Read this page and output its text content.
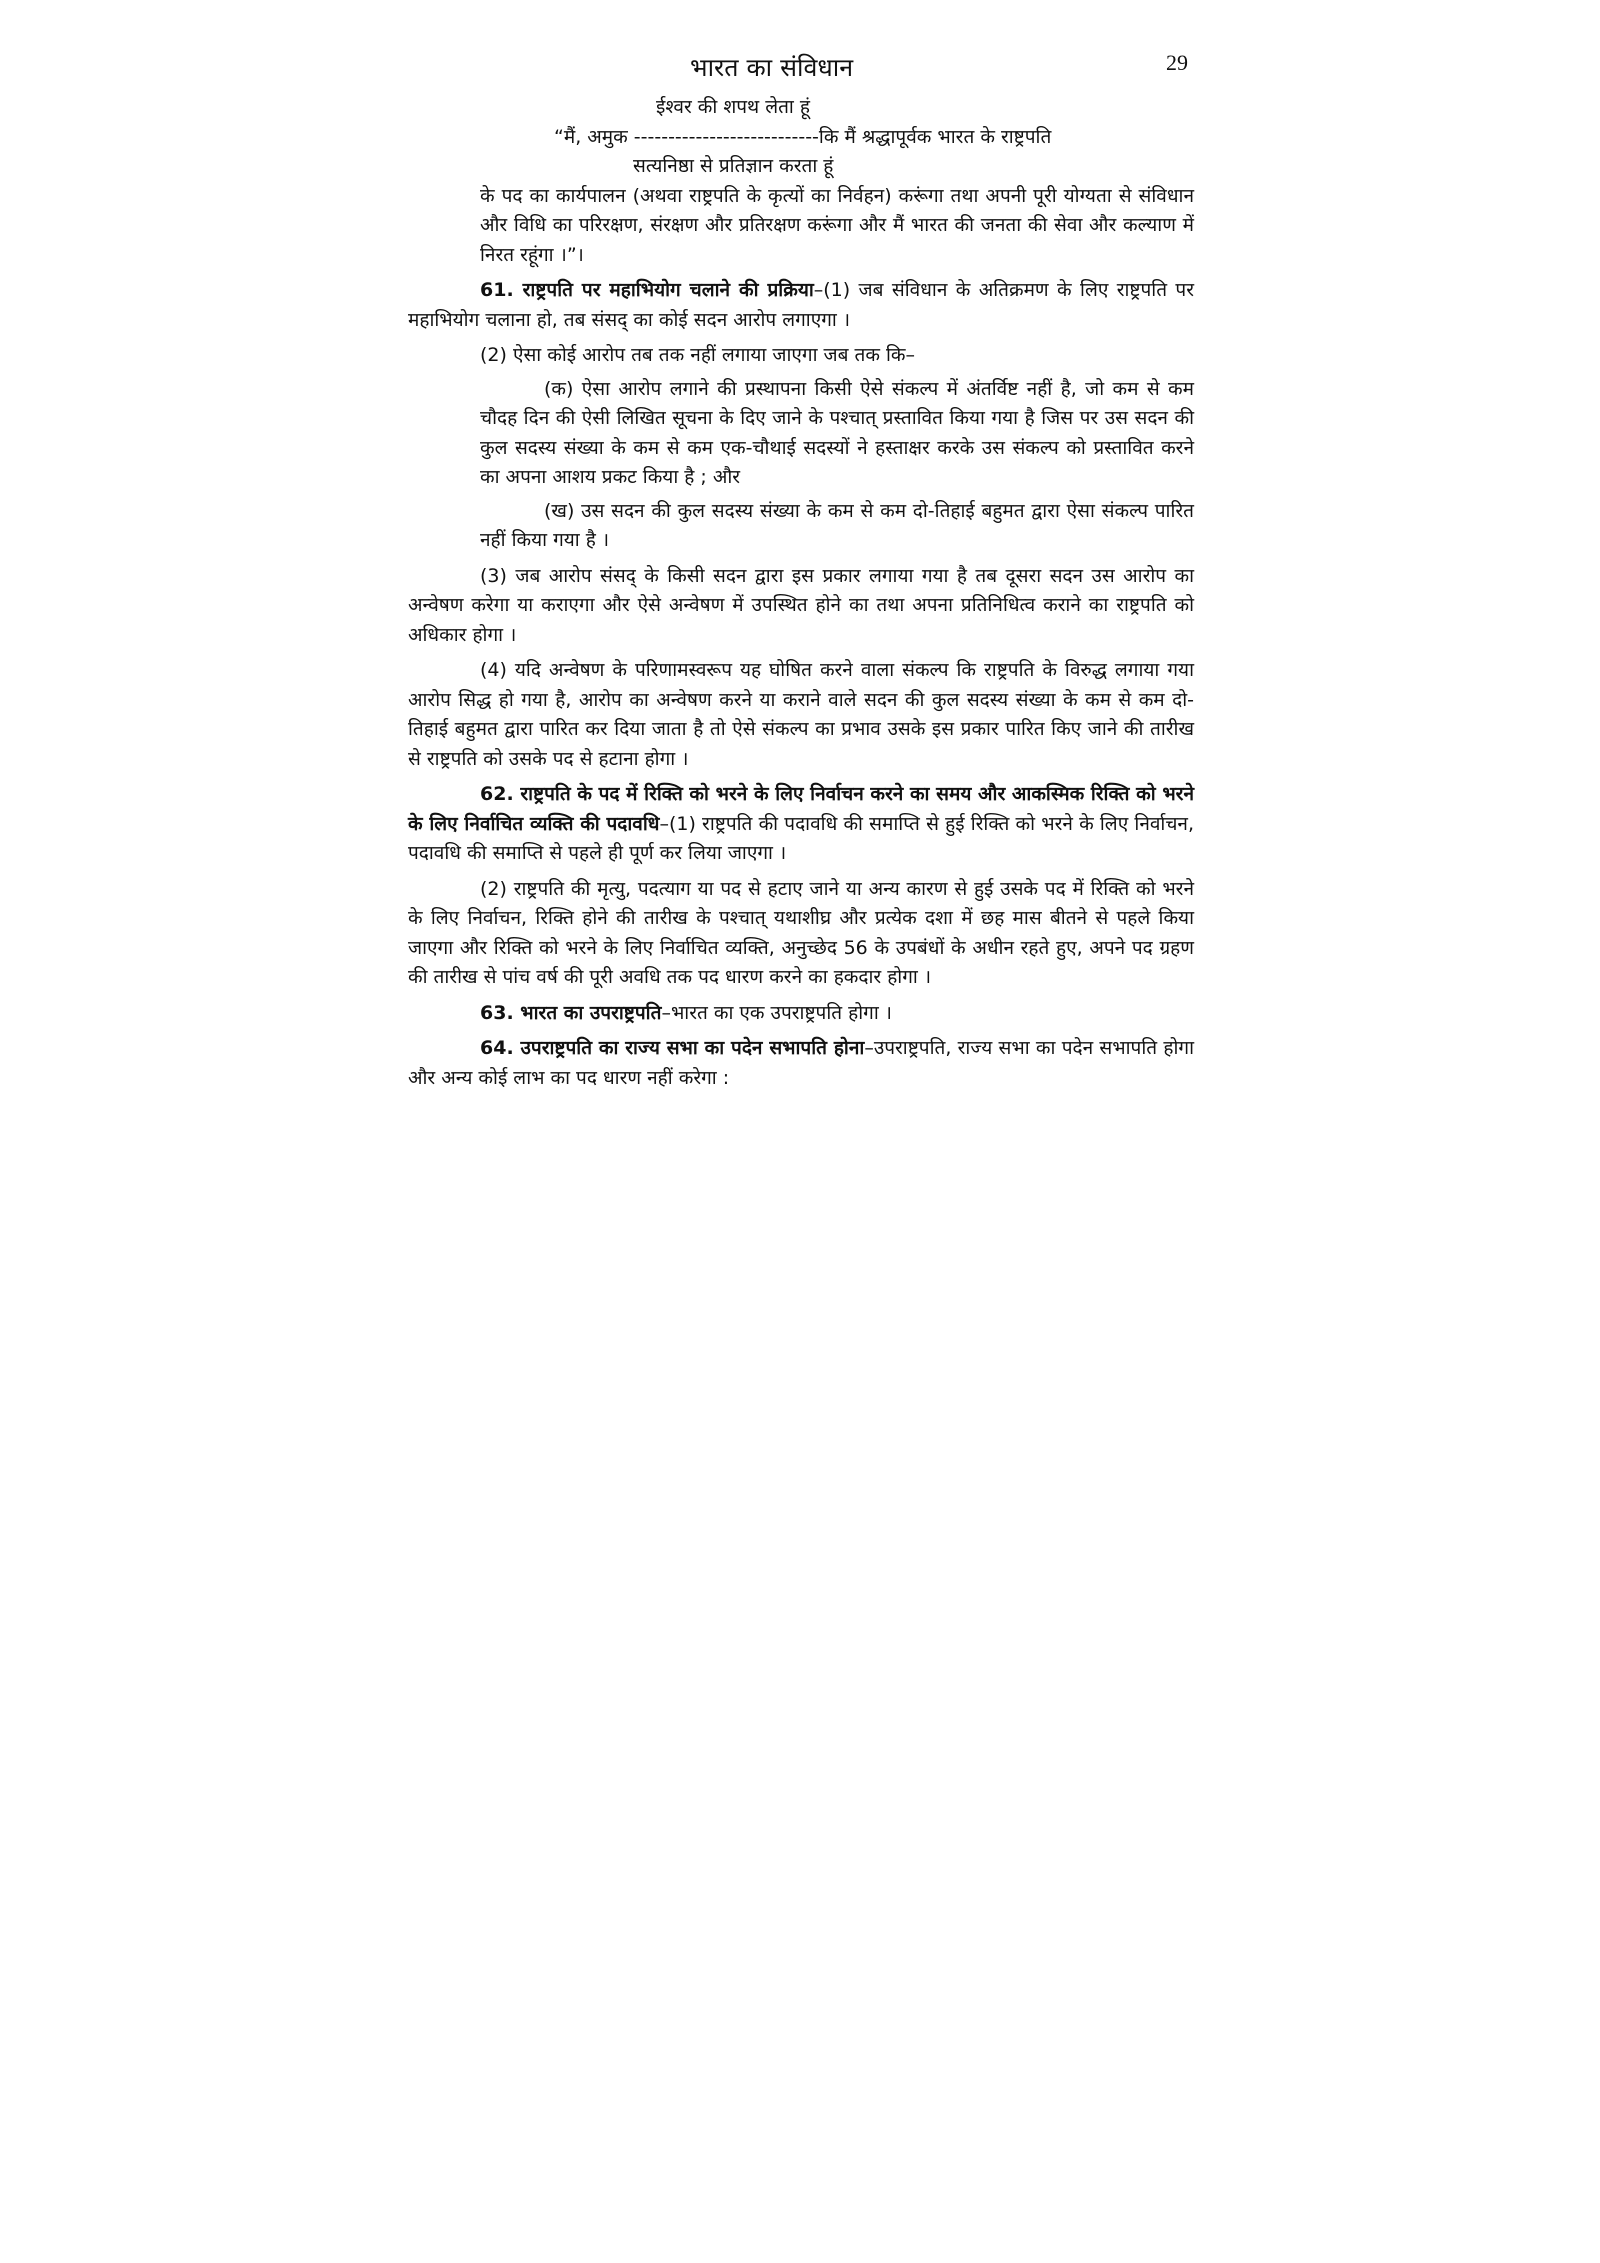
भारत का संविधान	29

ईश्वर की शपथ लेता हूं

“मैं, अमुक ---------------------------कि मैं श्रद्धापूर्वक भारत के राष्ट्रपति

सत्यनिष्ठा से प्रतिज्ञान करता हूं

के पद का कार्यपालन (अथवा राष्ट्रपति के कृत्यों का निर्वहन) करूंगा तथा अपनी पूरी योग्यता से संविधान और विधि का परिरक्षण, संरक्षण और प्रतिरक्षण करूंगा और मैं भारत की जनता की सेवा और कल्याण में निरत रहूंगा ।”।

61. राष्ट्रपति पर महाभियोग चलाने की प्रक्रिया–(1) जब संविधान के अतिक्रमण के लिए राष्ट्रपति पर महाभियोग चलाना हो, तब संसद् का कोई सदन आरोप लगाएगा ।

(2) ऐसा कोई आरोप तब तक नहीं लगाया जाएगा जब तक कि–

(क) ऐसा आरोप लगाने की प्रस्थापना किसी ऐसे संकल्प में अंतर्विष्ट नहीं है, जो कम से कम चौदह दिन की ऐसी लिखित सूचना के दिए जाने के पश्चात् प्रस्तावित किया गया है जिस पर उस सदन की कुल सदस्य संख्या के कम से कम एक-चौथाई सदस्यों ने हस्ताक्षर करके उस संकल्प को प्रस्तावित करने का अपना आशय प्रकट किया है ; और

(ख) उस सदन की कुल सदस्य संख्या के कम से कम दो-तिहाई बहुमत द्वारा ऐसा संकल्प पारित नहीं किया गया है ।

(3) जब आरोप संसद् के किसी सदन द्वारा इस प्रकार लगाया गया है तब दूसरा सदन उस आरोप का अन्वेषण करेगा या कराएगा और ऐसे अन्वेषण में उपस्थित होने का तथा अपना प्रतिनिधित्व कराने का राष्ट्रपति को अधिकार होगा ।

(4) यदि अन्वेषण के परिणामस्वरूप यह घोषित करने वाला संकल्प कि राष्ट्रपति के विरुद्ध लगाया गया आरोप सिद्ध हो गया है, आरोप का अन्वेषण करने या कराने वाले सदन की कुल सदस्य संख्या के कम से कम दो-तिहाई बहुमत द्वारा पारित कर दिया जाता है तो ऐसे संकल्प का प्रभाव उसके इस प्रकार पारित किए जाने की तारीख से राष्ट्रपति को उसके पद से हटाना होगा ।

62. राष्ट्रपति के पद में रिक्ति को भरने के लिए निर्वाचन करने का समय और आकस्मिक रिक्ति को भरने के लिए निर्वाचित व्यक्ति की पदावधि–(1) राष्ट्रपति की पदावधि की समाप्ति से हुई रिक्ति को भरने के लिए निर्वाचन, पदावधि की समाप्ति से पहले ही पूर्ण कर लिया जाएगा ।

(2) राष्ट्रपति की मृत्यु, पदत्याग या पद से हटाए जाने या अन्य कारण से हुई उसके पद में रिक्ति को भरने के लिए निर्वाचन, रिक्ति होने की तारीख के पश्चात् यथाशीघ्र और प्रत्येक दशा में छह मास बीतने से पहले किया जाएगा और रिक्ति को भरने के लिए निर्वाचित व्यक्ति, अनुच्छेद 56 के उपबंधों के अधीन रहते हुए, अपने पद ग्रहण की तारीख से पांच वर्ष की पूरी अवधि तक पद धारण करने का हकदार होगा ।

63. भारत का उपराष्ट्रपति–भारत का एक उपराष्ट्रपति होगा ।

64. उपराष्ट्रपति का राज्य सभा का पदेन सभापति होना–उपराष्ट्रपति, राज्य सभा का पदेन सभापति होगा और अन्य कोई लाभ का पद धारण नहीं करेगा :
